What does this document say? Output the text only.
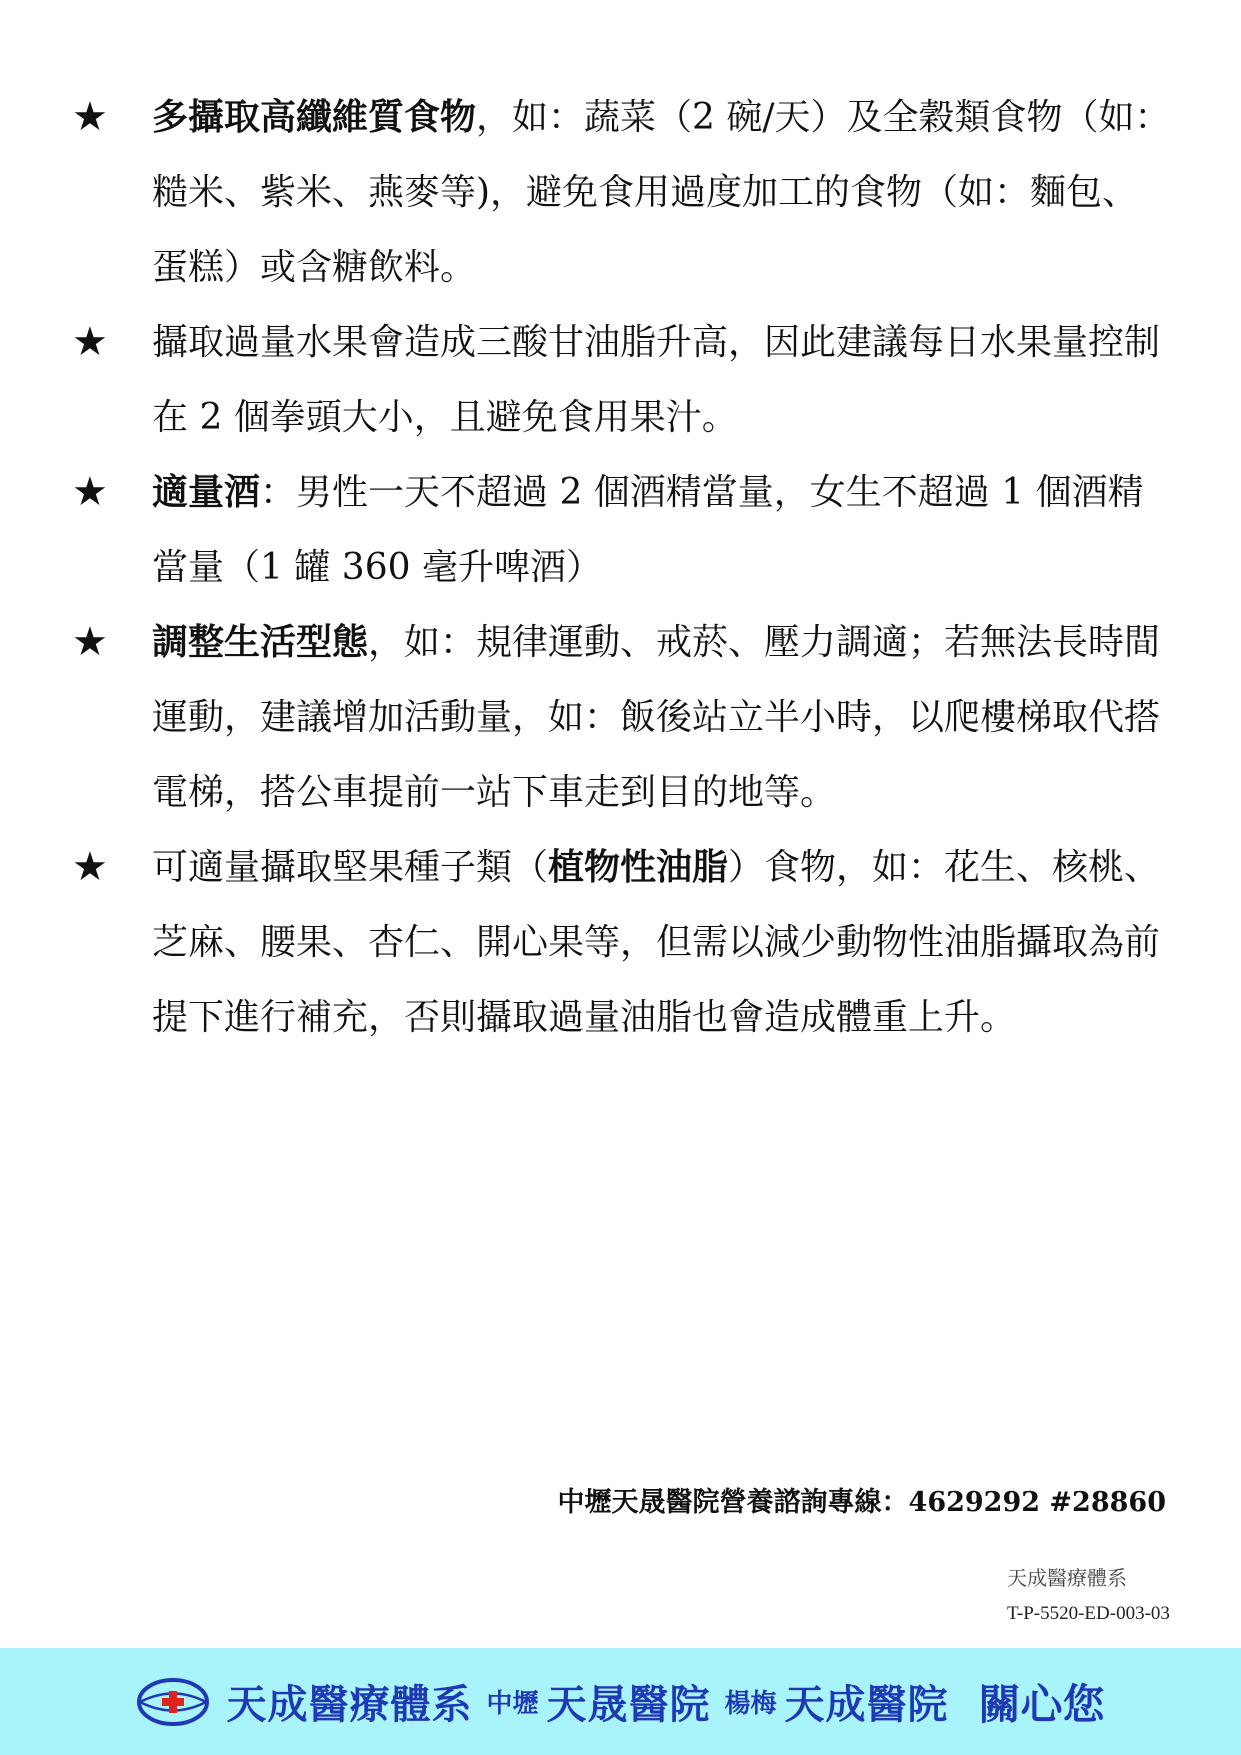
★ 多攝取高纖維質食物，如：蔬菜（2 碗/天）及全穀類食物（如：糙米、紫米、燕麥等)，避免食用過度加工的食物（如：麵包、蛋糕）或含糖飲料。

★ 攝取過量水果會造成三酸甘油脂升高，因此建議每日水果量控制在 2 個拳頭大小，且避免食用果汁。

★ 適量酒：男性一天不超過 2 個酒精當量，女生不超過 1 個酒精當量（1 罐 360 毫升啤酒）

★ 調整生活型態，如：規律運動、戒菸、壓力調適；若無法長時間運動，建議增加活動量，如：飯後站立半小時，以爬樓梯取代搭電梯，搭公車提前一站下車走到目的地等。

★ 可適量攝取堅果種子類（植物性油脂）食物，如：花生、核桃、芝麻、腰果、杏仁、開心果等，但需以減少動物性油脂攝取為前提下進行補充，否則攝取過量油脂也會造成體重上升。

中壢天晟醫院營養諮詢專線：4629292 #28860
天成醫療體系
T-P-5520-ED-003-03
天成醫療體系 中壢 天晟醫院 楊梅 天成醫院 關心您
